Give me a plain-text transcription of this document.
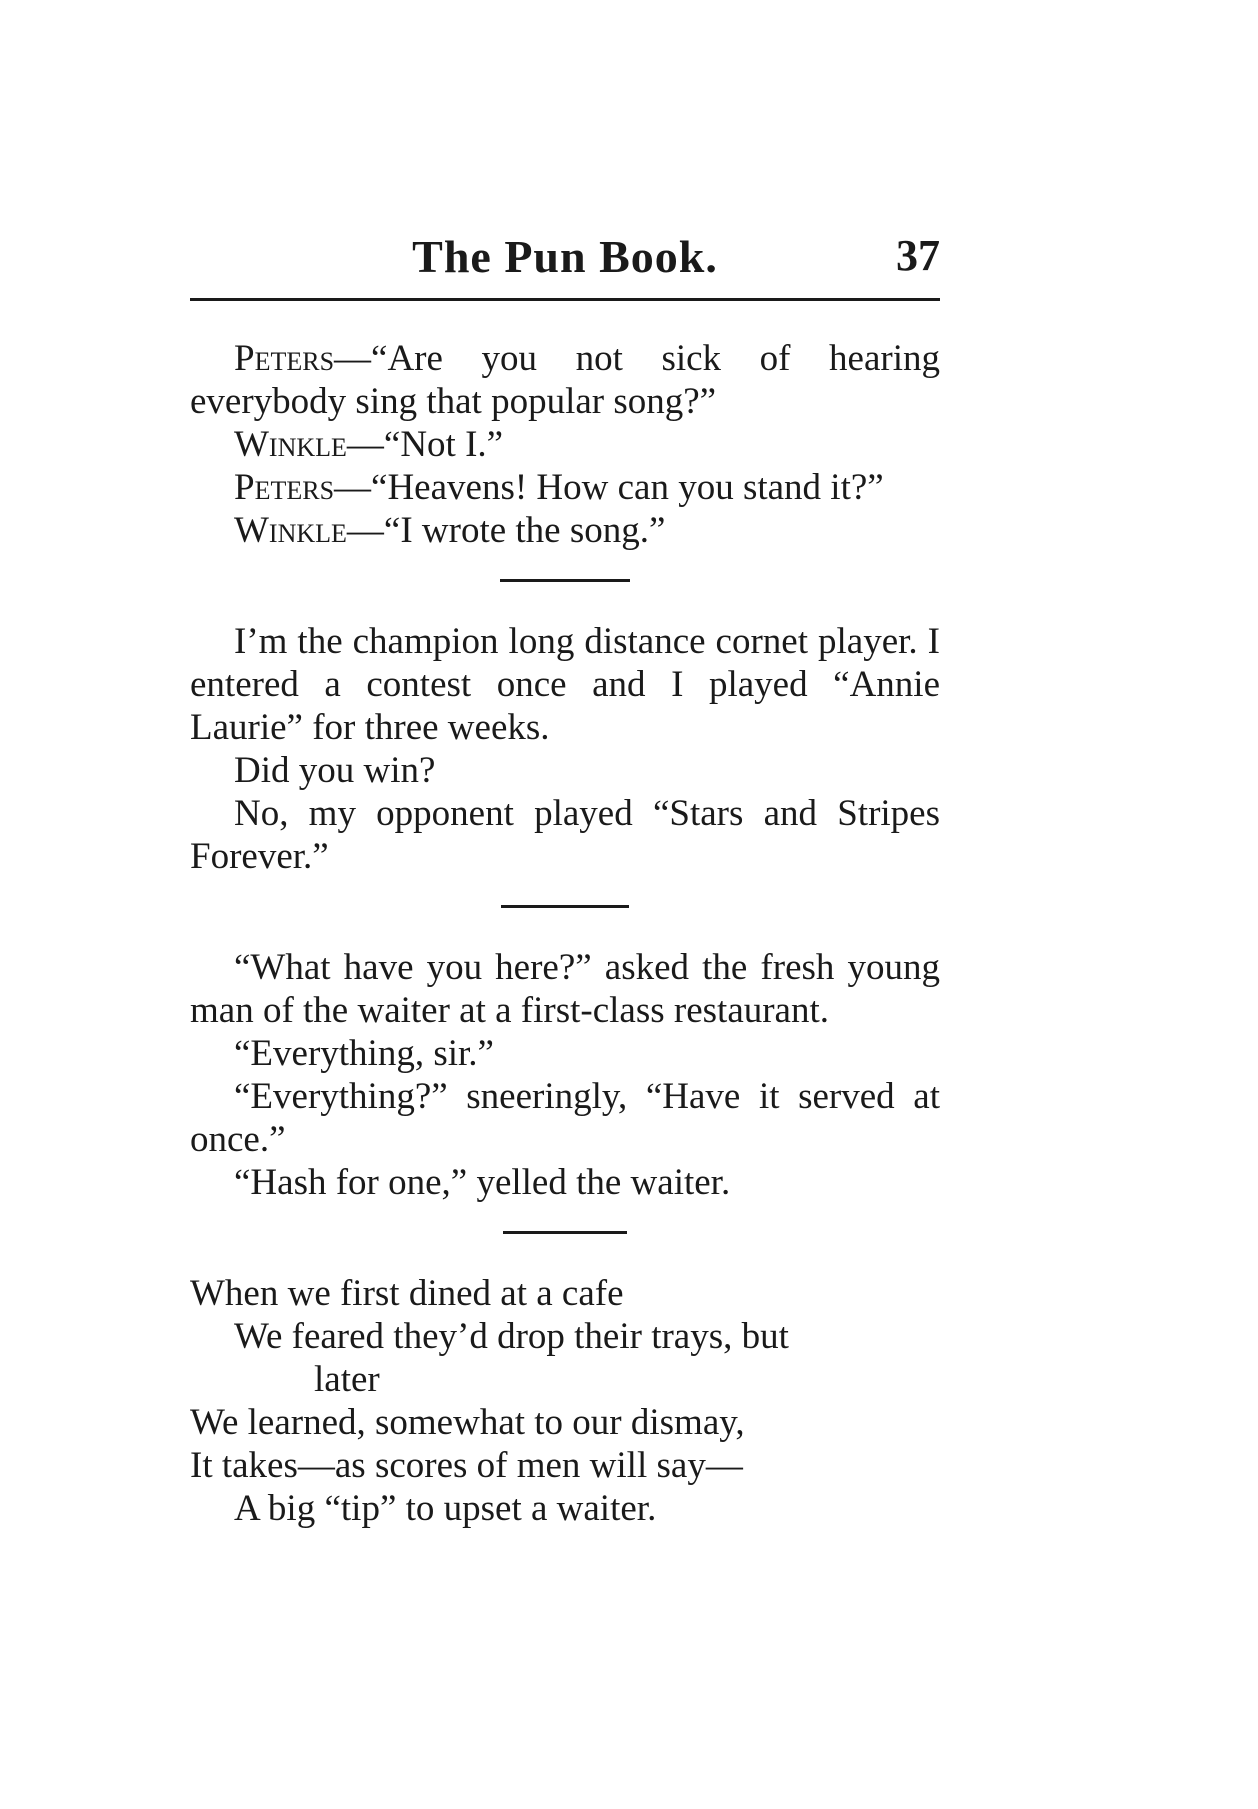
The Pun Book.	37

Peters—“Are you not sick of hearing everybody sing that popular song?”

Winkle—“Not I.”

Peters—“Heavens! How can you stand it?”

Winkle—“I wrote the song.”

I’m the champion long distance cornet player. I entered a contest once and I played “Annie Laurie” for three weeks.

Did you win?

No, my opponent played “Stars and Stripes Forever.”

“What have you here?” asked the fresh young man of the waiter at a first-class restaurant.

“Everything, sir.”

“Everything?” sneeringly, “Have it served at once.”

“Hash for one,” yelled the waiter.

When we first dined at a cafe
We feared they’d drop their trays, but
later
We learned, somewhat to our dismay,
It takes—as scores of men will say—
A big “tip” to upset a waiter.
